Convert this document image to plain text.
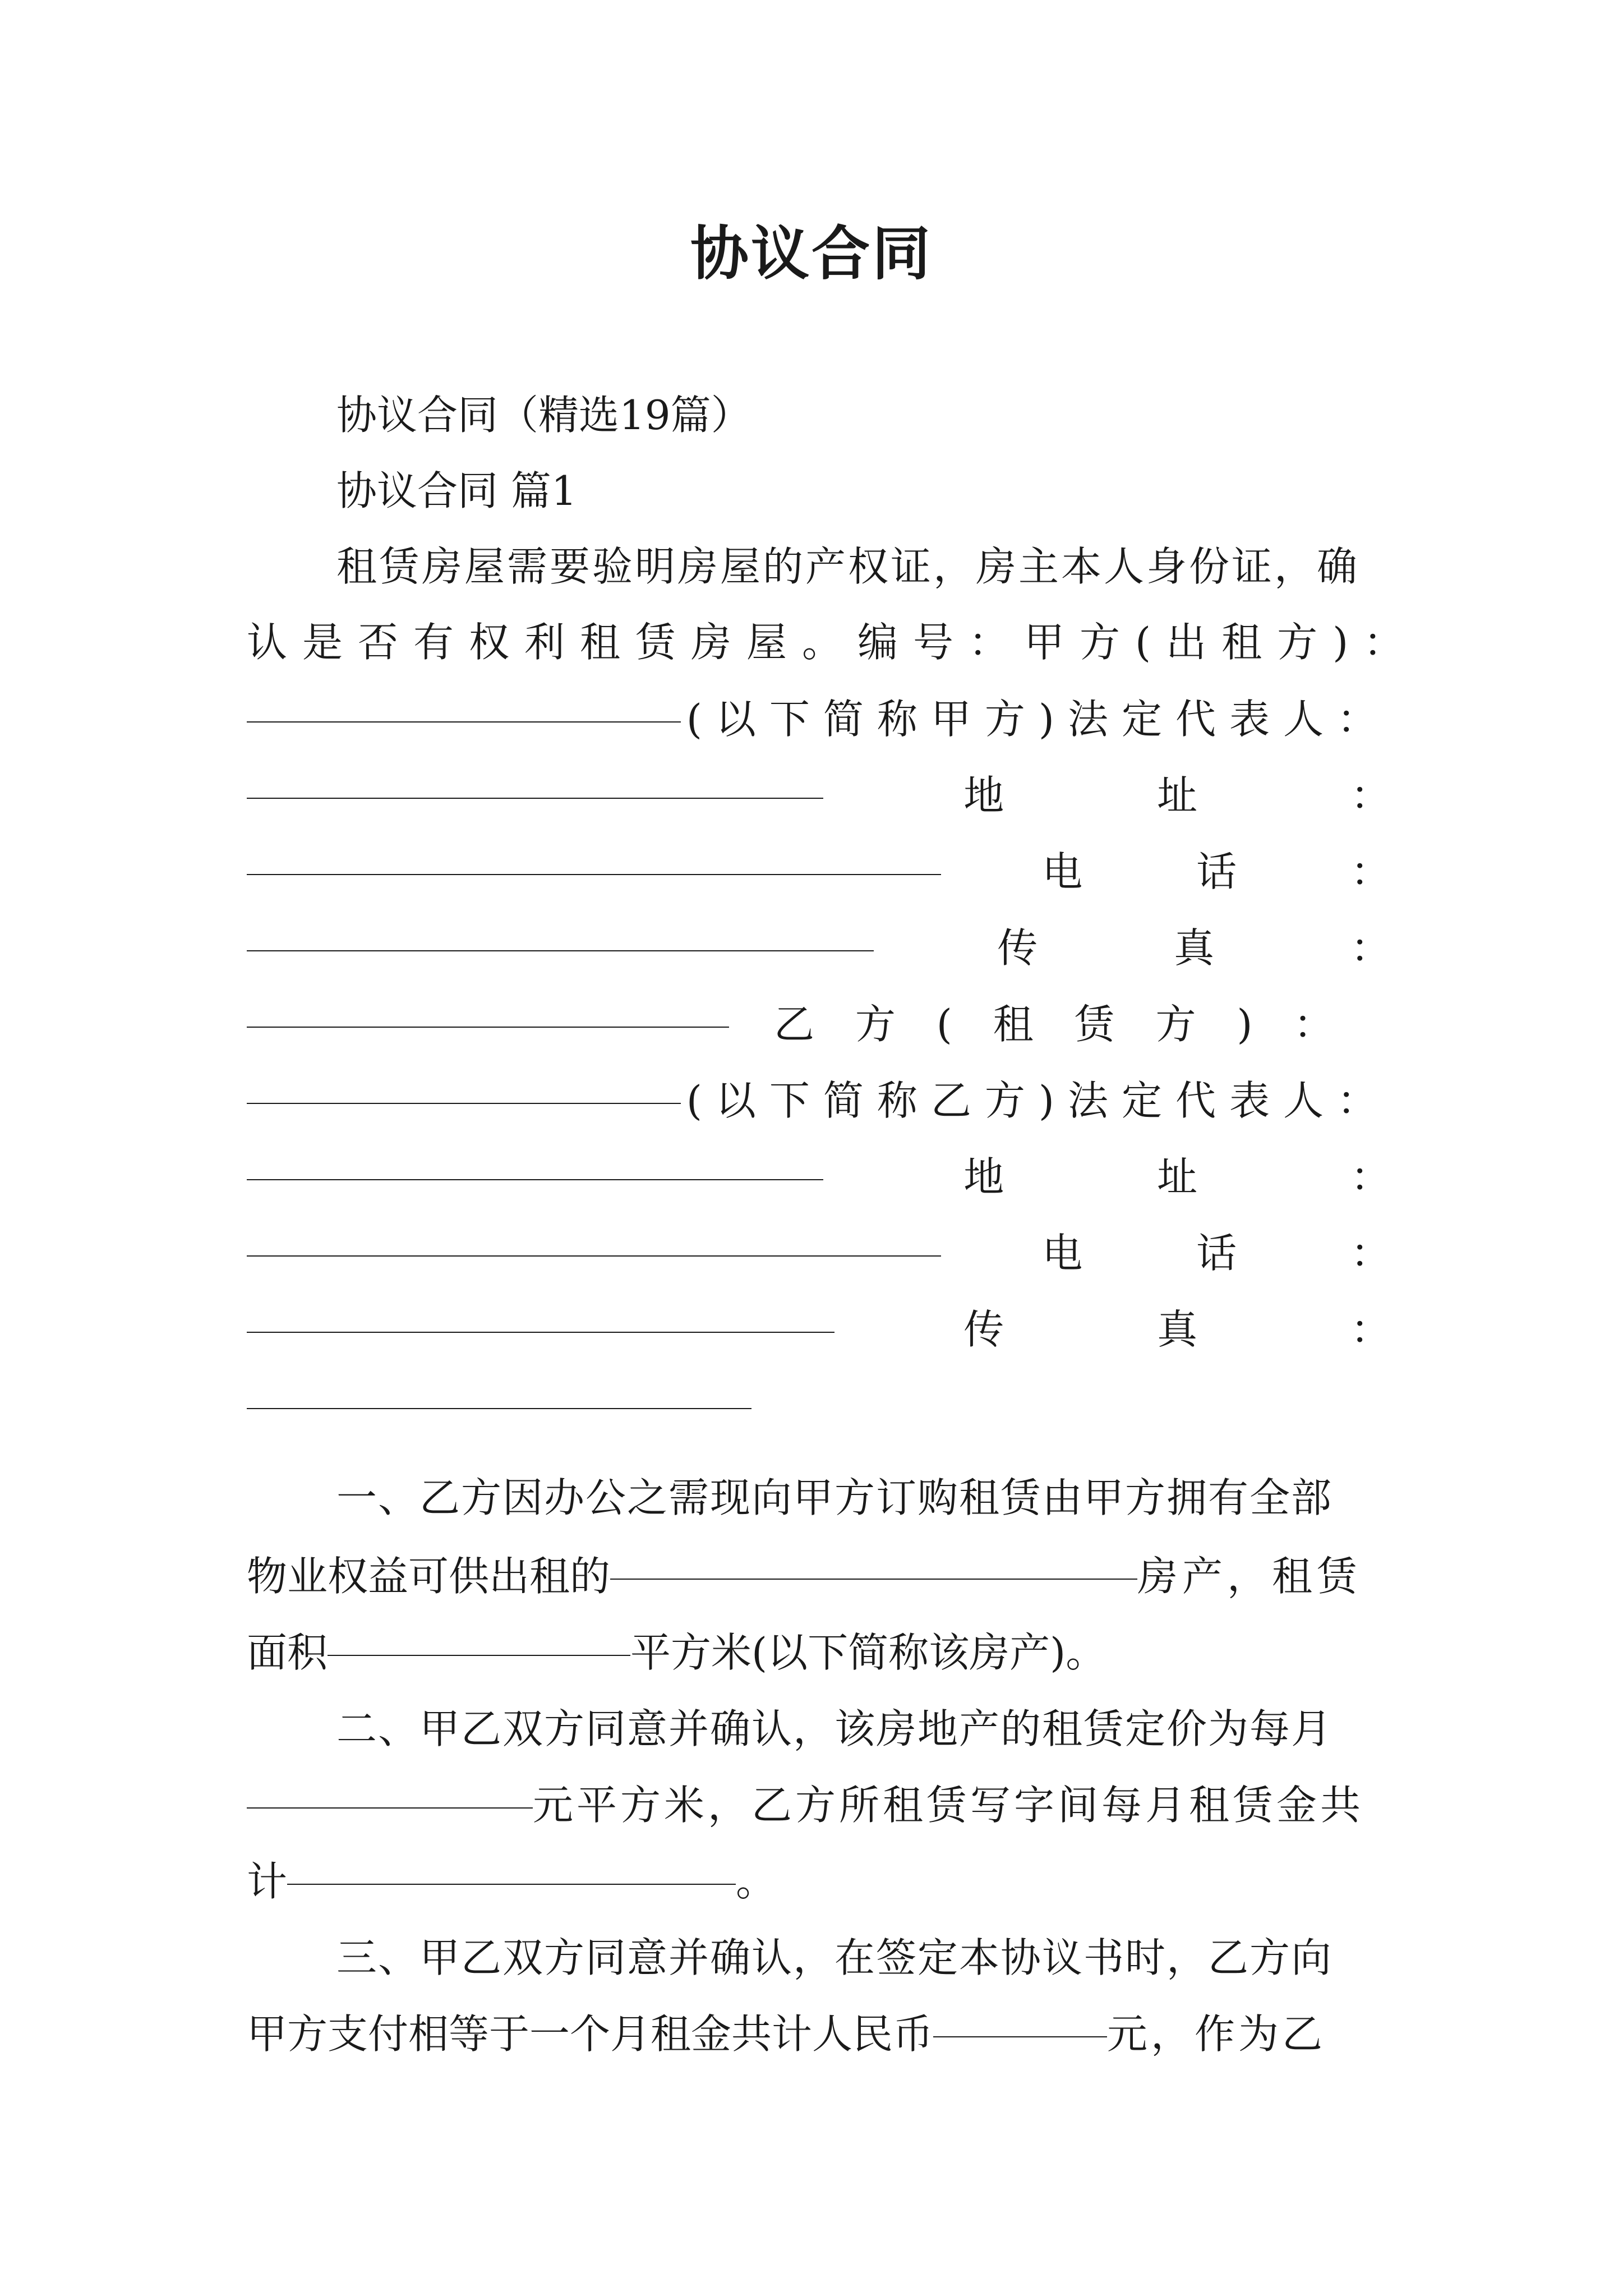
协议合同
协议合同（精选19篇）
协议合同 篇1
租赁房屋需要验明房屋的产权证，房主本人身份证，确
认是否有权利租赁房屋。编号：甲方(出租方)：
(以下简称甲方)法定代表人：
地 址 ：
电 话 ：
传 真 ：
乙 方 ( 租 赁 方 ) ：
(以下简称乙方)法定代表人：
地 址 ：
电 话 ：
传 真 ：
一、乙方因办公之需现向甲方订购租赁由甲方拥有全部
物业权益可供出租的	房产，租赁
面积	平方米(以下简称该房产)。
二、甲乙双方同意并确认，该房地产的租赁定价为每月
元平方米，乙方所租赁写字间每月租赁金共
计	。
三、甲乙双方同意并确认，在签定本协议书时，乙方向
甲方支付相等于一个月租金共计人民币	元，作为乙
